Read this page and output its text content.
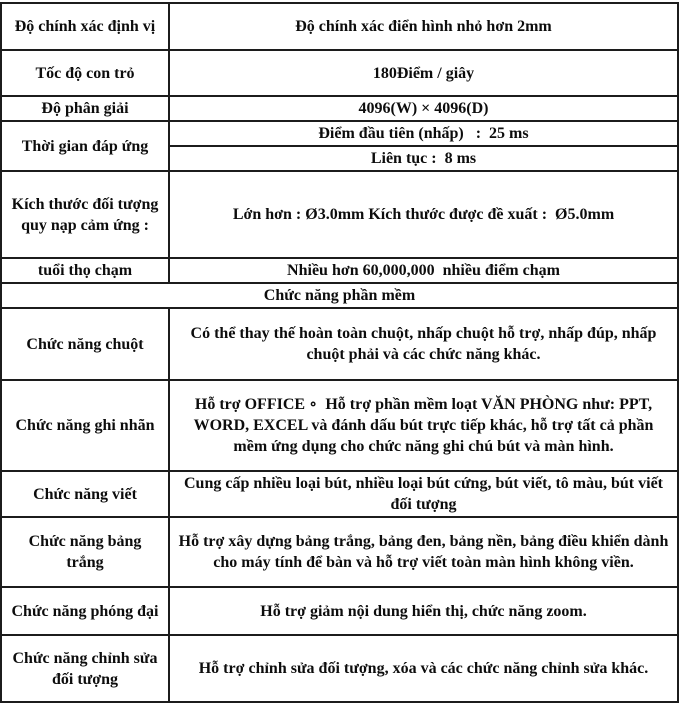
Độ chính xác định vị	Độ chính xác điển hình nhỏ hơn 2mm
Tốc độ con trỏ	180Điểm / giây
Độ phân giải	4096(W) × 4096(D)
Thời gian đáp ứng	Điểm đầu tiên (nhấp)   :  25 ms
	Liên tục :  8 ms
Kích thước đối tượng quy nạp cảm ứng :	Lớn hơn : Ø3.0mm Kích thước được đề xuất :  Ø5.0mm
tuổi thọ chạm	Nhiều hơn 60,000,000  nhiều điểm chạm
Chức năng phần mềm	
Chức năng chuột	Có thể thay thế hoàn toàn chuột, nhấp chuột hỗ trợ, nhấp đúp, nhấp chuột phải và các chức năng khác.
Chức năng ghi nhãn	Hỗ trợ OFFICE ∘  Hỗ trợ phần mềm loạt VĂN PHÒNG như: PPT, WORD, EXCEL và đánh dấu bút trực tiếp khác, hỗ trợ tất cả phần mềm ứng dụng cho chức năng ghi chú bút và màn hình.
Chức năng viết	Cung cấp nhiều loại bút, nhiều loại bút cứng, bút viết, tô màu, bút viết đối tượng
Chức năng bảng trắng	Hỗ trợ xây dựng bảng trắng, bảng đen, bảng nền, bảng điều khiển dành cho máy tính để bàn và hỗ trợ viết toàn màn hình không viền.
Chức năng phóng đại	Hỗ trợ giảm nội dung hiển thị, chức năng zoom.
Chức năng chỉnh sửa đối tượng	Hỗ trợ chỉnh sửa đối tượng, xóa và các chức năng chỉnh sửa khác.
